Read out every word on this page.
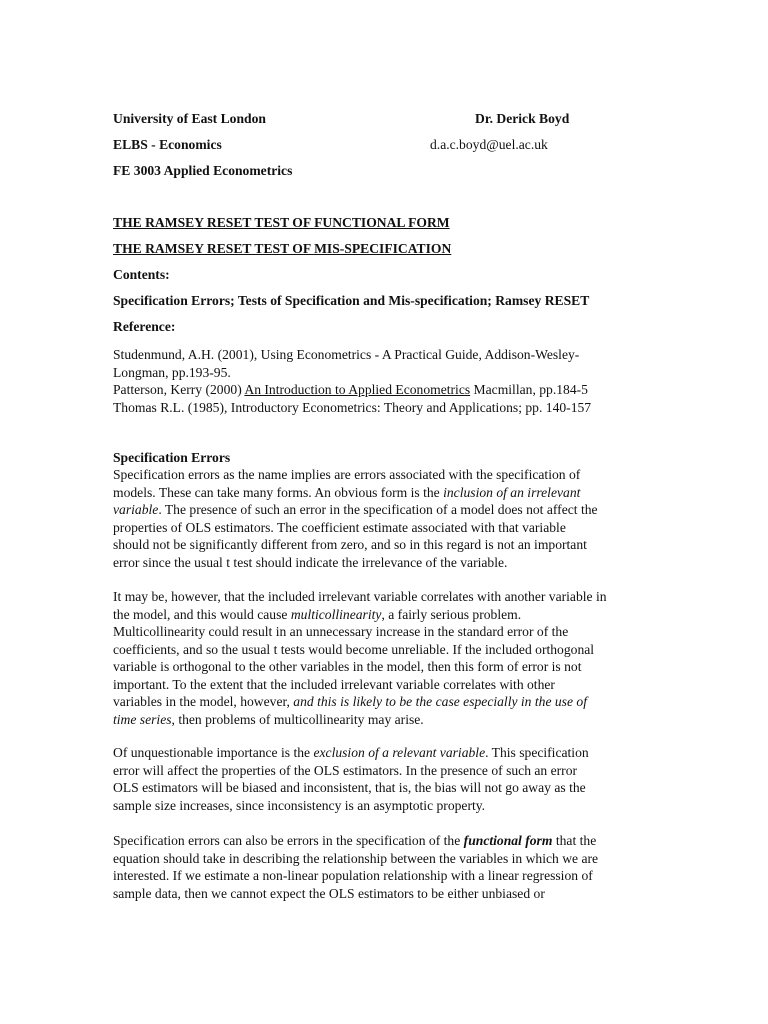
University of East London	Dr. Derick Boyd
ELBS - Economics	d.a.c.boyd@uel.ac.uk
FE 3003 Applied Econometrics
THE RAMSEY RESET TEST OF FUNCTIONAL FORM
THE RAMSEY RESET TEST OF MIS-SPECIFICATION
Contents:
Specification Errors; Tests of Specification and Mis-specification; Ramsey RESET
Reference:
Studenmund, A.H. (2001), Using Econometrics - A Practical Guide, Addison-Wesley-
Longman, pp.193-95.
Patterson, Kerry (2000) An Introduction to Applied Econometrics Macmillan, pp.184-5
Thomas R.L. (1985), Introductory Econometrics: Theory and Applications; pp. 140-157
Specification Errors
Specification errors as the name implies are errors associated with the specification of
models. These can take many forms. An obvious form is the inclusion of an irrelevant
variable. The presence of such an error in the specification of a model does not affect the
properties of OLS estimators. The coefficient estimate associated with that variable
should not be significantly different from zero, and so in this regard is not an important
error since the usual t test should indicate the irrelevance of the variable.
It may be, however, that the included irrelevant variable correlates with another variable in
the model, and this would cause multicollinearity, a fairly serious problem.
Multicollinearity could result in an unnecessary increase in the standard error of the
coefficients, and so the usual t tests would become unreliable. If the included orthogonal
variable is orthogonal to the other variables in the model, then this form of error is not
important. To the extent that the included irrelevant variable correlates with other
variables in the model, however, and this is likely to be the case especially in the use of
time series, then problems of multicollinearity may arise.
Of unquestionable importance is the exclusion of a relevant variable. This specification
error will affect the properties of the OLS estimators. In the presence of such an error
OLS estimators will be biased and inconsistent, that is, the bias will not go away as the
sample size increases, since inconsistency is an asymptotic property.
Specification errors can also be errors in the specification of the functional form that the
equation should take in describing the relationship between the variables in which we are
interested. If we estimate a non-linear population relationship with a linear regression of
sample data, then we cannot expect the OLS estimators to be either unbiased or
